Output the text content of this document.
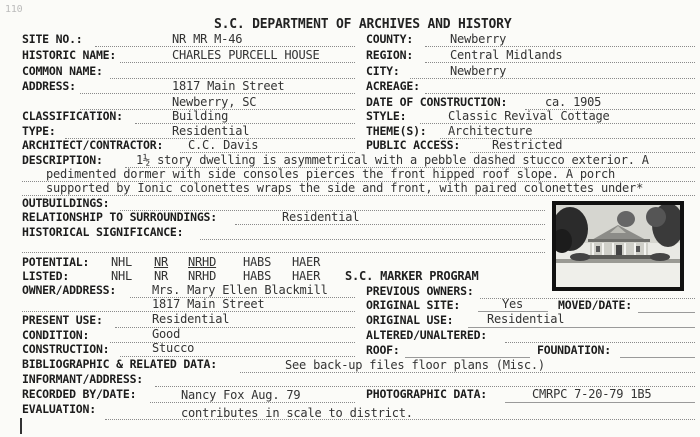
110
S.C. DEPARTMENT OF ARCHIVES AND HISTORY
SITE NO.:	NR MR M-46	COUNTY:	Newberry
HISTORIC NAME:	CHARLES PURCELL HOUSE	REGION:	Central Midlands
COMMON NAME:	CITY:	Newberry
ADDRESS:	1817 Main Street	ACREAGE:
Newberry, SC	DATE OF CONSTRUCTION:	ca. 1905
CLASSIFICATION:	Building	STYLE:	Classic Revival Cottage
TYPE:	Residential	THEME(S): Architecture
ARCHITECT/CONTRACTOR: C.C. Davis	PUBLIC ACCESS:	Restricted
DESCRIPTION:	1½ story dwelling is asymmetrical with a pebble dashed stucco exterior. A
pedimented dormer with side consoles pierces the front hipped roof slope. A porch
supported by Ionic colonettes wraps the side and front, with paired colonettes under*
OUTBUILDINGS:
RELATIONSHIP TO SURROUNDINGS:	Residential
HISTORICAL SIGNIFICANCE:
POTENTIAL: NHL NR NRHD HABS HAER
LISTED:	NHL NR NRHD HABS HAER S.C. MARKER PROGRAM
OWNER/ADDRESS:	Mrs. Mary Ellen Blackmill	PREVIOUS OWNERS:
1817 Main Street	ORIGINAL SITE:	Yes	MOVED/DATE:
PRESENT USE:	Residential	ORIGINAL USE:	Residential
CONDITION:	Good	ALTERED/UNALTERED:
CONSTRUCTION:	Stucco	ROOF:	FOUNDATION:
BIBLIOGRAPHIC & RELATED DATA:	See back-up files floor plans (Misc.)
INFORMANT/ADDRESS:
RECORDED BY/DATE:	Nancy Fox Aug. 79	PHOTOGRAPHIC DATA:	CMRPC 7-20-79 1B5
EVALUATION:	contributes in scale to district.
